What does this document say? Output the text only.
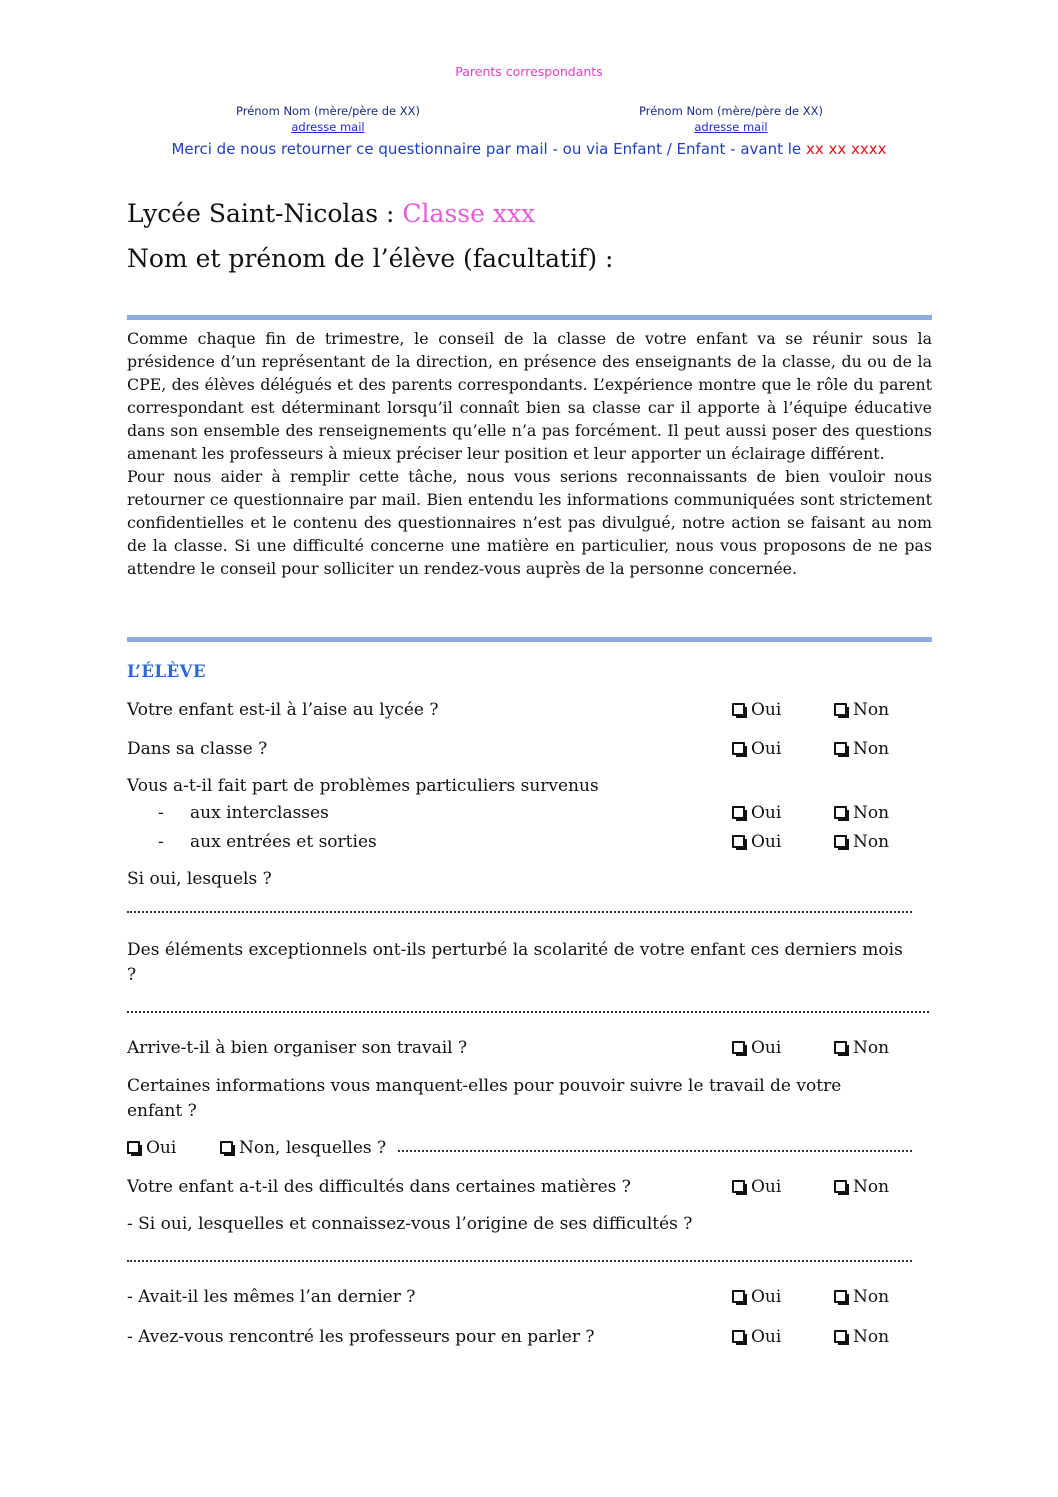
Parents correspondants
Prénom Nom (mère/père de XX)
adresse mail
Prénom Nom (mère/père de XX)
adresse mail
Merci de nous retourner ce questionnaire par mail - ou via Enfant / Enfant - avant le xx xx xxxx
Lycée Saint-Nicolas : Classe xxx
Nom et prénom de l’élève (facultatif) :

Comme chaque fin de trimestre, le conseil de la classe de votre enfant va se réunir sous la présidence d’un représentant de la direction, en présence des enseignants de la classe, du ou de la CPE, des élèves délégués et des parents correspondants. L’expérience montre que le rôle du parent correspondant est déterminant lorsqu’il connaît bien sa classe car il apporte à l’équipe éducative dans son ensemble des renseignements qu’elle n’a pas forcément. Il peut aussi poser des questions amenant les professeurs à mieux préciser leur position et leur apporter un éclairage différent.

Pour nous aider à remplir cette tâche, nous vous serions reconnaissants de bien vouloir nous retourner ce questionnaire par mail. Bien entendu les informations communiquées sont strictement confidentielles et le contenu des questionnaires n’est pas divulgué, notre action se faisant au nom de la classe. Si une difficulté concerne une matière en particulier, nous vous proposons de ne pas attendre le conseil pour solliciter un rendez-vous auprès de la personne concernée.

L’ÉLÈVE
Votre enfant est-il à l’aise au lycée ?	Oui	Non
Dans sa classe ?	Oui	Non
Vous a-t-il fait part de problèmes particuliers survenus
- aux interclasses	Oui	Non
- aux entrées et sorties	Oui	Non
Si oui, lesquels ?
Des éléments exceptionnels ont-ils perturbé la scolarité de votre enfant ces derniers mois ?
Arrive-t-il à bien organiser son travail ?	Oui	Non
Certaines informations vous manquent-elles pour pouvoir suivre le travail de votre enfant ?
Oui	Non, lesquelles ?
Votre enfant a-t-il des difficultés dans certaines matières ?	Oui	Non
- Si oui, lesquelles et connaissez-vous l’origine de ses difficultés ?
- Avait-il les mêmes l’an dernier ?	Oui	Non
- Avez-vous rencontré les professeurs pour en parler ?	Oui	Non
